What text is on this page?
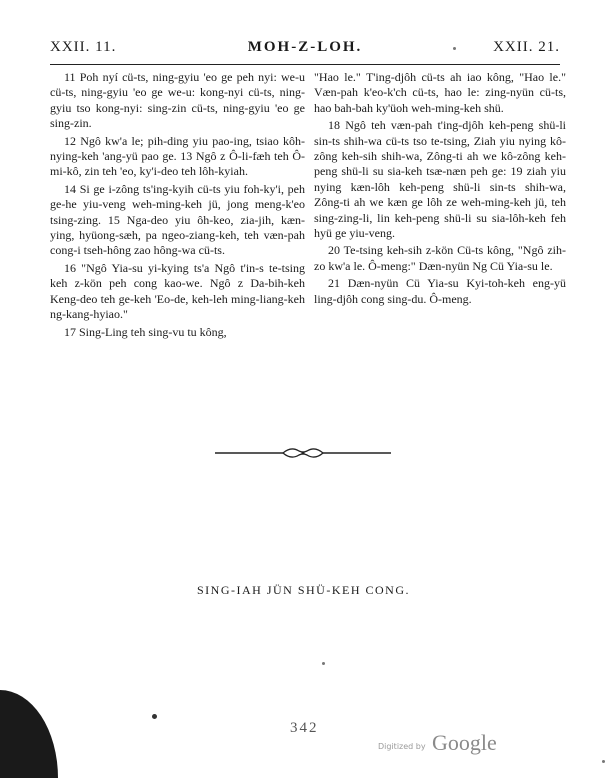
XXII. 11.	MOH-Z-LOH.	XXII. 21.

11 Poh nyí cü-ts, ning-gyiu 'eo ge peh nyi: we-u cü-ts, ning-gyiu 'eo ge we-u: kong-nyi cü-ts, ning-gyiu tso kong-nyi: sing-zin cü-ts, ning-gyiu 'eo ge sing-zin.

12 Ngô kw'a le; pih-ding yiu pao-ing, tsiao kôh-nying-keh 'ang-yü pao ge. 13 Ngô z Ô-li-fæh teh Ô-mi-kô, zin teh 'eo, ky'i-deo teh lôh-kyiah.

14 Si ge i-zông ts'ing-kyih cü-ts yiu foh-ky'i, peh ge-he yiu-veng weh-ming-keh jü, jong meng-k'eo tsing-zing. 15 Nga-deo yiu ôh-keo, zia-jih, kæn-ying, hyüong-sæh, pa ngeo-ziang-keh, teh væn-pah cong-i tseh-hông zao hông-wa cü-ts.

16 "Ngô Yia-su yi-kying ts'a Ngô t'in-s te-tsing keh z-kön peh cong kao-we. Ngô z Da-bih-keh Keng-deo teh ge-keh 'Eo-de, keh-leh ming-liang-keh ng-kang-hyiao."

17 Sing-Ling teh sing-vu tu kông,

"Hao le." T'ing-djôh cü-ts ah iao kông, "Hao le." Væn-pah k'eo-k'ch cü-ts, hao le: zing-nyün cü-ts, hao bah-bah ky'üoh weh-ming-keh shü.

18 Ngô teh væn-pah t'ing-djôh keh-peng shü-li sin-ts shih-wa cü-ts tso te-tsing, Ziah yiu nying kô-zông keh-sih shih-wa, Zông-ti ah we kô-zông keh-peng shü-li su sia-keh tsæ-næn peh ge: 19 ziah yiu nying kæn-lôh keh-peng shü-li sin-ts shih-wa, Zông-ti ah we kæn ge lôh ze weh-ming-keh jü, teh sing-zing-li, lin keh-peng shü-li su sia-lôh-keh feh hyü ge yiu-veng.

20 Te-tsing keh-sih z-kön Cü-ts kông, "Ngô zih-zo kw'a le. Ô-meng:" Dæn-nyün Ng Cü Yia-su le.

21 Dæn-nyün Cü Yia-su Kyi-toh-keh eng-yü ling-djôh cong sing-du. Ô-meng.

SING-IAH JÜN SHÜ-KEH CONG.
342
Digitized by Google
